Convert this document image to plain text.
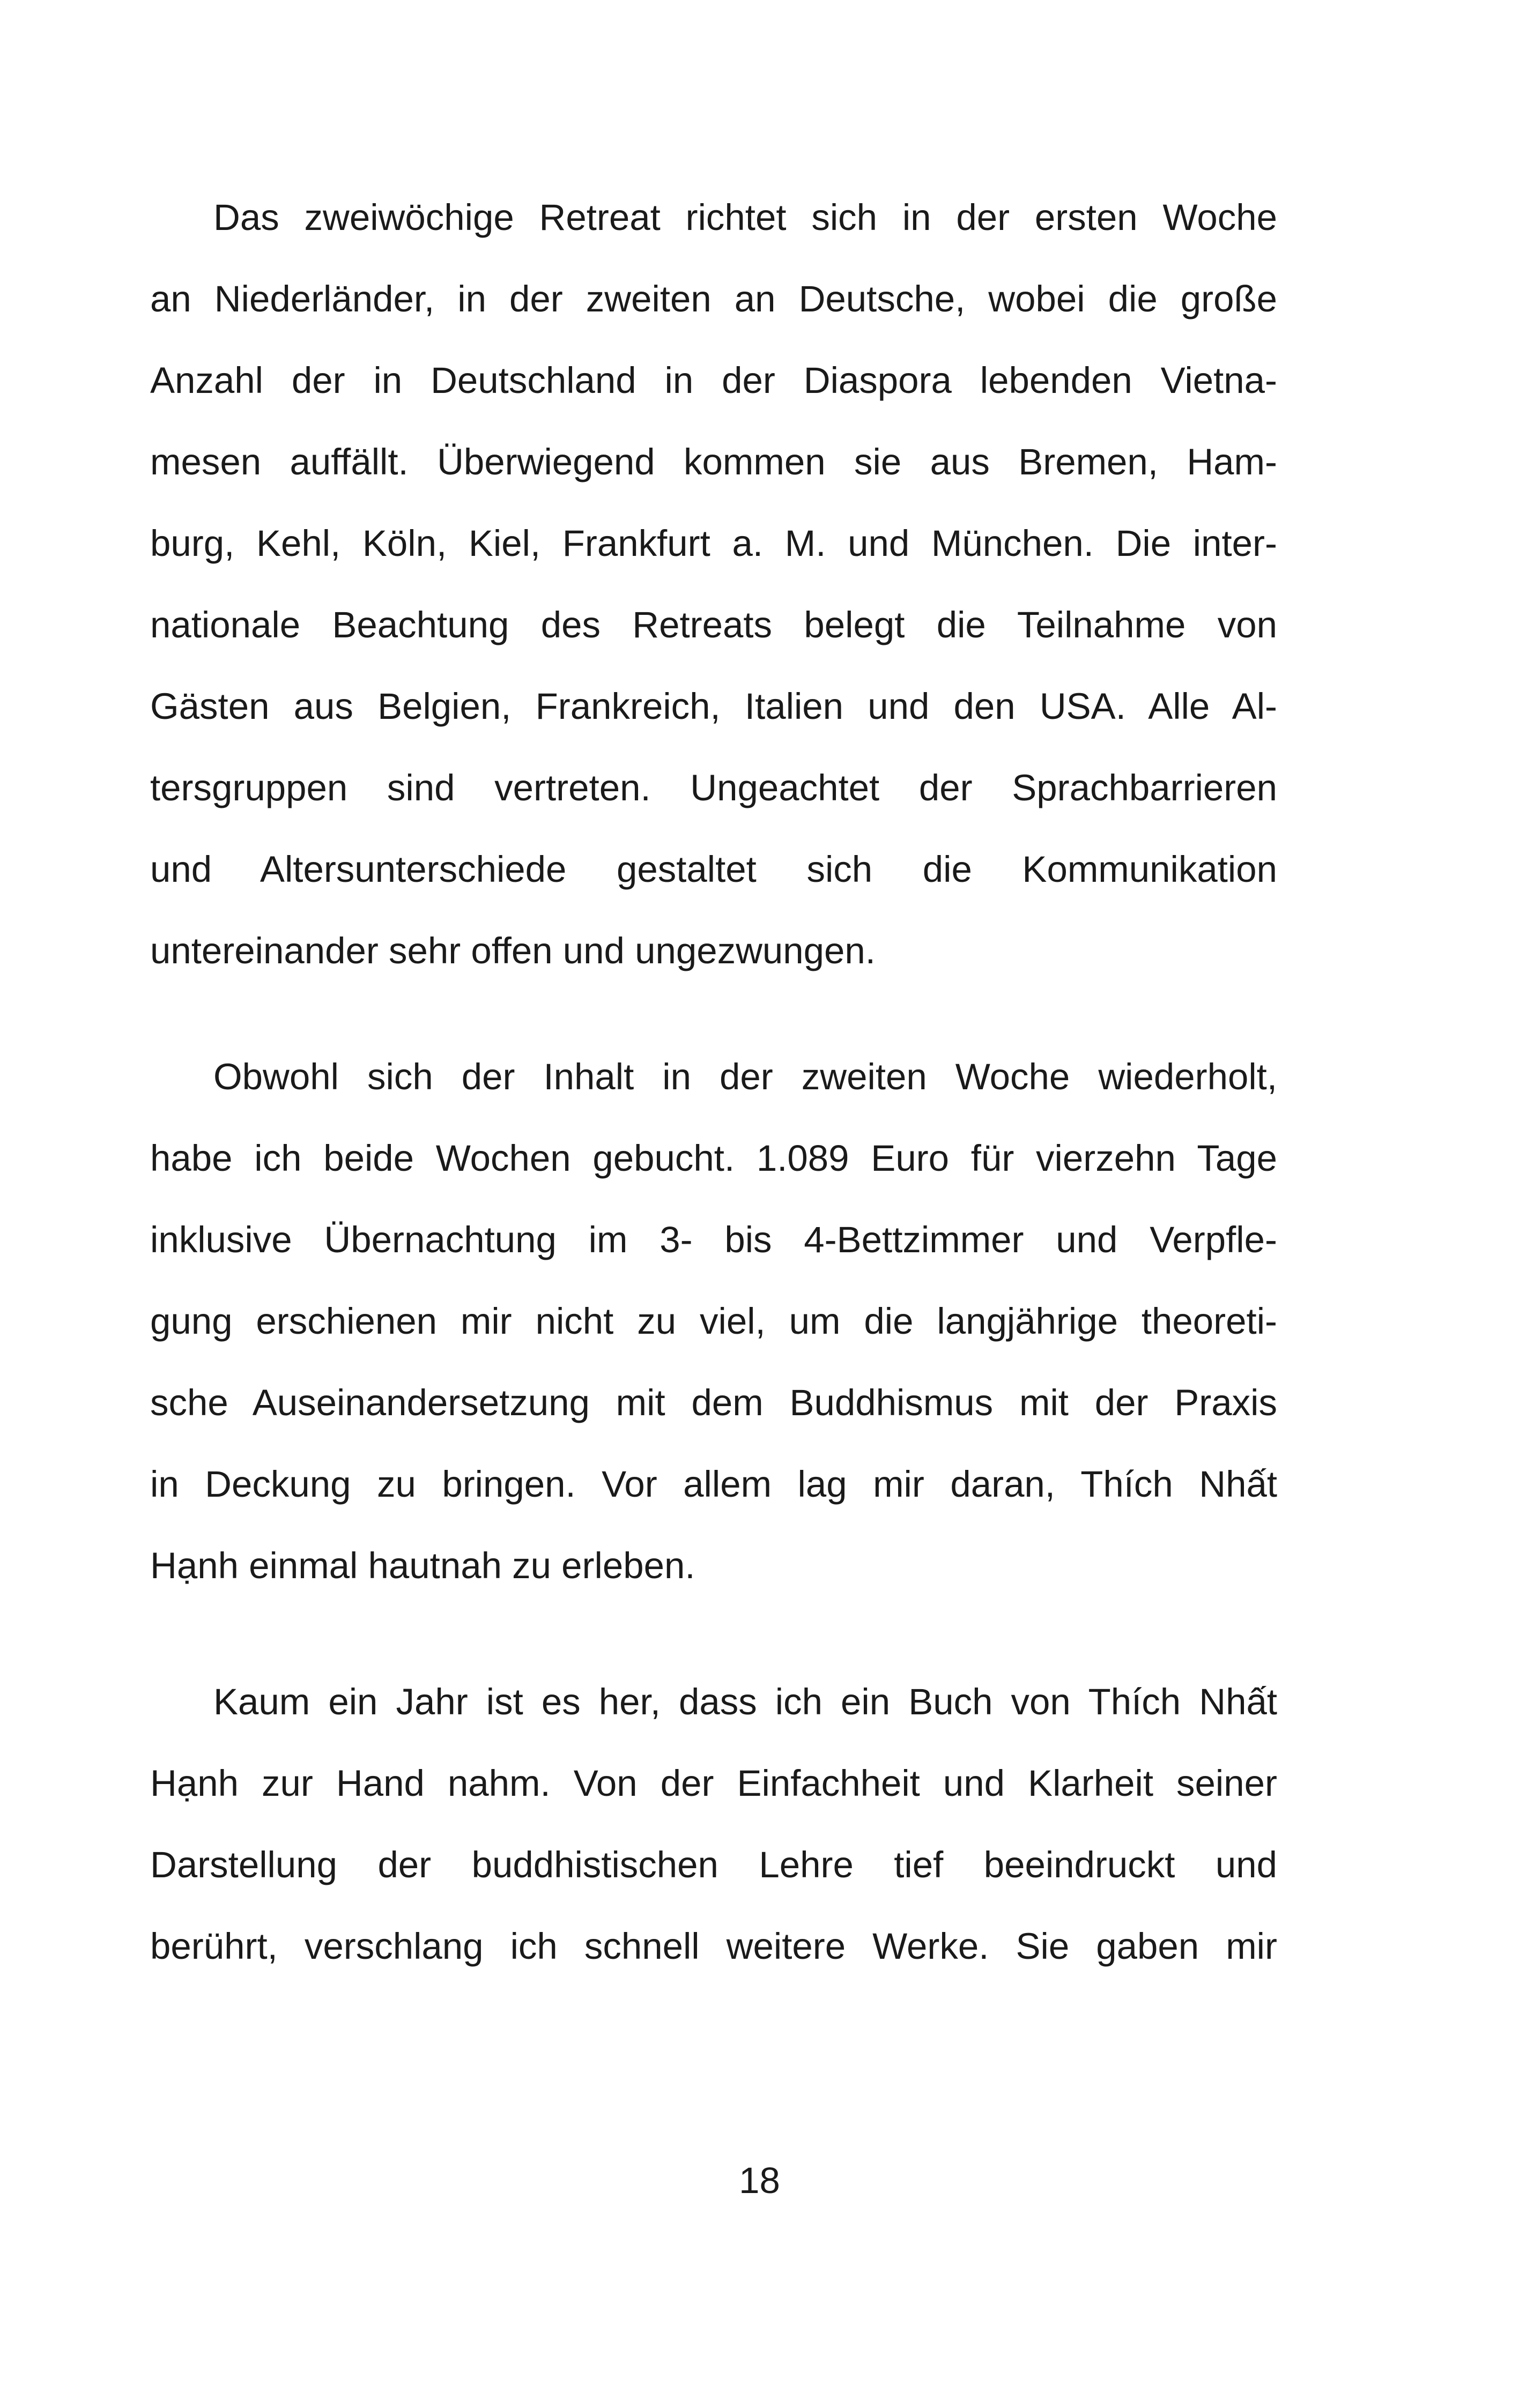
Das zweiwöchige Retreat richtet sich in der ersten Woche
an Niederländer, in der zweiten an Deutsche, wobei die große
Anzahl der in Deutschland in der Diaspora lebenden Vietna-
mesen auffällt. Überwiegend kommen sie aus Bremen, Ham-
burg, Kehl, Köln, Kiel, Frankfurt a. M. und München. Die inter-
nationale Beachtung des Retreats belegt die Teilnahme von
Gästen aus Belgien, Frankreich, Italien und den USA. Alle Al-
tersgruppen sind vertreten. Ungeachtet der Sprachbarrieren
und Altersunterschiede gestaltet sich die Kommunikation
untereinander sehr offen und ungezwungen.
Obwohl sich der Inhalt in der zweiten Woche wiederholt,
habe ich beide Wochen gebucht. 1.089 Euro für vierzehn Tage
inklusive Übernachtung im 3- bis 4-Bettzimmer und Verpfle-
gung erschienen mir nicht zu viel, um die langjährige theoreti-
sche Auseinandersetzung mit dem Buddhismus mit der Praxis
in Deckung zu bringen. Vor allem lag mir daran, Thích Nhất
Hạnh einmal hautnah zu erleben.
Kaum ein Jahr ist es her, dass ich ein Buch von Thích Nhất
Hạnh zur Hand nahm. Von der Einfachheit und Klarheit seiner
Darstellung der buddhistischen Lehre tief beeindruckt und
berührt, verschlang ich schnell weitere Werke. Sie gaben mir
18
